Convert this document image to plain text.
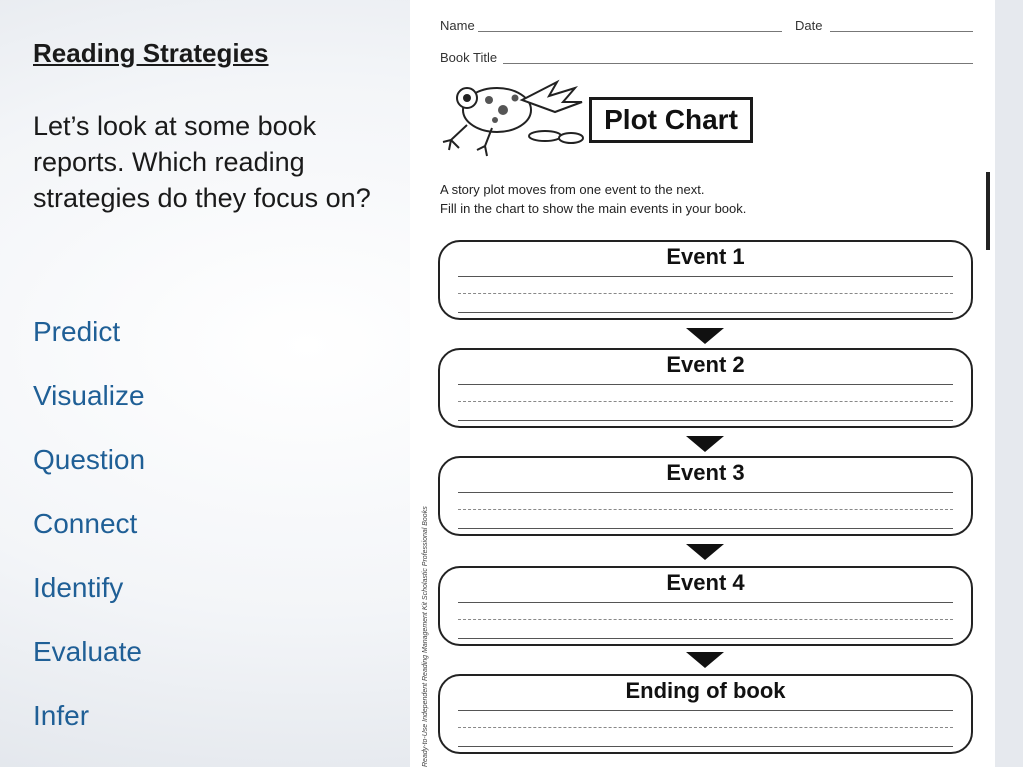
Reading Strategies
Let’s look at some book reports. Which reading strategies do they focus on?
Predict
Visualize
Question
Connect
Identify
Evaluate
Infer
Name	Date
Book Title
Plot Chart
A story plot moves from one event to the next.
Fill in the chart to show the main events in your book.
Ready-to-Use Independent Reading Management Kit Scholastic Professional Books
Event 1
Event 2
Event 3
Event 4
Ending of book
